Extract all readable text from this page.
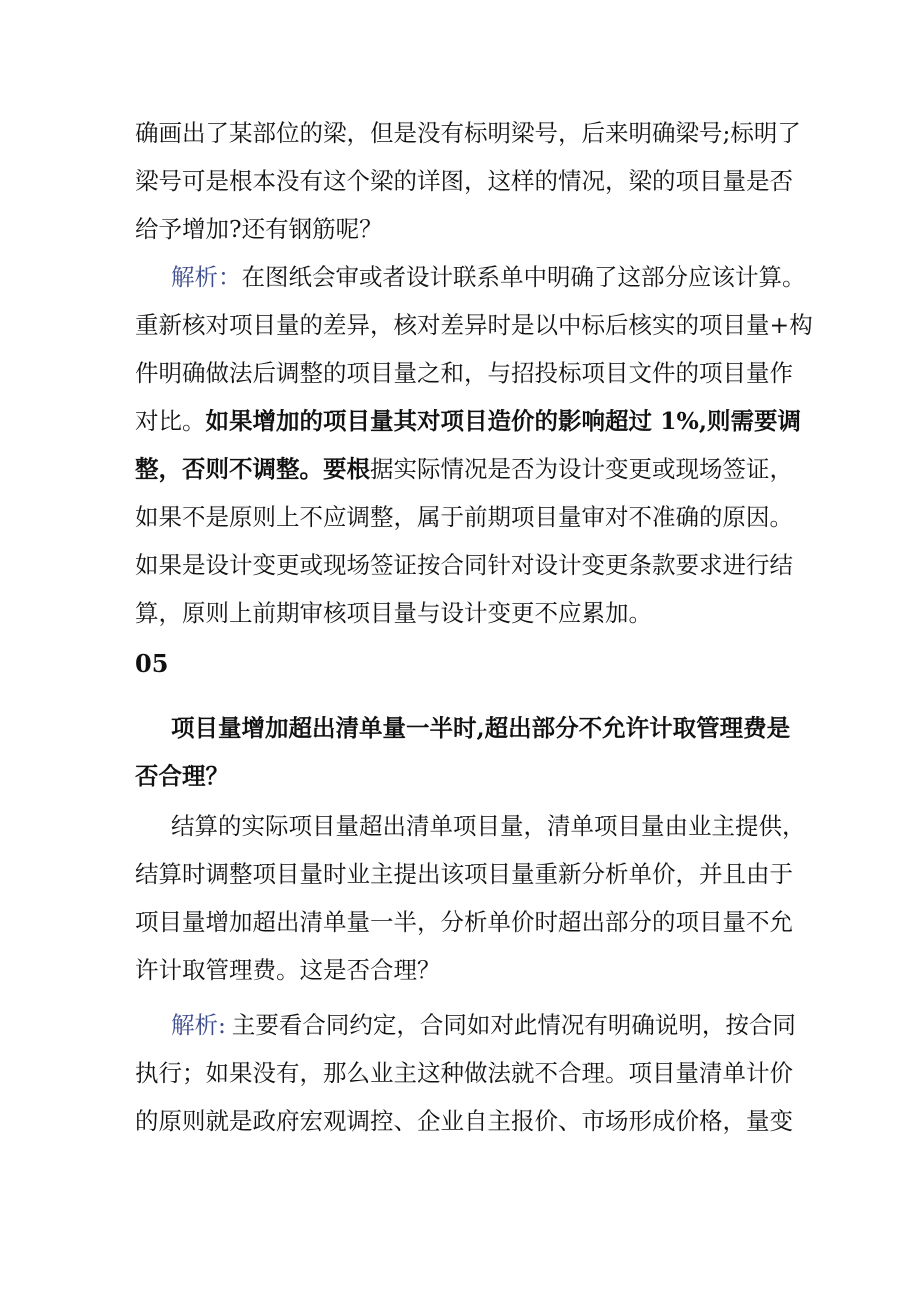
确画出了某部位的梁，但是没有标明梁号，后来明确梁号;标明了
梁号可是根本没有这个梁的详图，这样的情况，梁的项目量是否
给予增加?还有钢筋呢？
解析：在图纸会审或者设计联系单中明确了这部分应该计算。
重新核对项目量的差异，核对差异时是以中标后核实的项目量+构
件明确做法后调整的项目量之和，与招投标项目文件的项目量作
对比。如果增加的项目量其对项目造价的影响超过 1%,则需要调
整，否则不调整。要根据实际情况是否为设计变更或现场签证，
如果不是原则上不应调整，属于前期项目量审对不准确的原因。
如果是设计变更或现场签证按合同针对设计变更条款要求进行结
算，原则上前期审核项目量与设计变更不应累加。
05
项目量增加超出清单量一半时,超出部分不允许计取管理费是
否合理？
结算的实际项目量超出清单项目量，清单项目量由业主提供，
结算时调整项目量时业主提出该项目量重新分析单价，并且由于
项目量增加超出清单量一半，分析单价时超出部分的项目量不允
许计取管理费。这是否合理？
解析: 主要看合同约定，合同如对此情况有明确说明，按合同
执行；如果没有，那么业主这种做法就不合理。项目量清单计价
的原则就是政府宏观调控、企业自主报价、市场形成价格，量变
